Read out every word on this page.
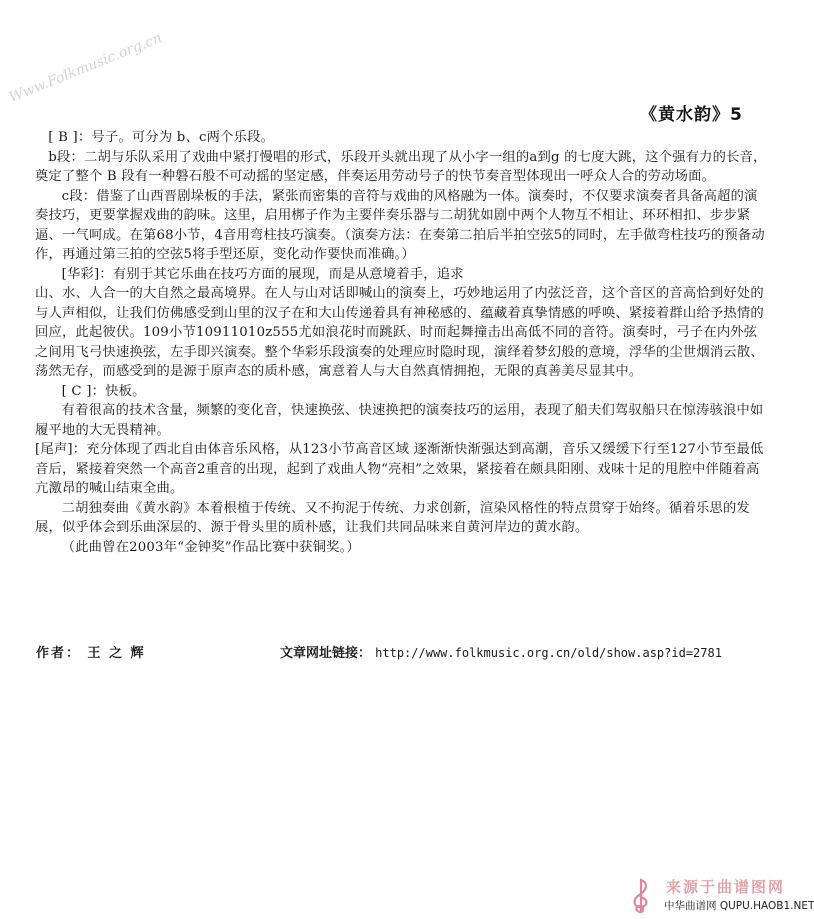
Www.Folkmusic.org.cn
《黄水韵》5

[ B ]：号子。可分为 b、c两个乐段。

b段：二胡与乐队采用了戏曲中紧打慢唱的形式，乐段开头就出现了从小字一组的a到g 的七度大跳，这个强有力的长音，奠定了整个 B 段有一种磐石般不可动摇的坚定感，伴奏运用劳动号子的快节奏音型体现出一呼众人合的劳动场面。

c段：借鉴了山西晋剧垛板的手法，紧张而密集的音符与戏曲的风格融为一体。演奏时，不仅要求演奏者具备高超的演奏技巧，更要掌握戏曲的韵味。这里，启用梆子作为主要伴奏乐器与二胡犹如剧中两个人物互不相让、环环相扣、步步紧逼、一气呵成。在第68小节，4音用弯柱技巧演奏。（演奏方法：在奏第二拍后半拍空弦5的同时，左手做弯柱技巧的预备动作，再通过第三拍的空弦5将手型还原，变化动作要快而准确。）

[华彩]：有别于其它乐曲在技巧方面的展现，而是从意境着手，追求

山、水、人合一的大自然之最高境界。在人与山对话即喊山的演奏上，巧妙地运用了内弦泛音，这个音区的音高恰到好处的与人声相似，让我们仿佛感受到山里的汉子在和大山传递着具有神秘感的、蕴藏着真挚情感的呼唤、紧接着群山给予热情的回应，此起彼伏。109小节10911010z555尤如浪花时而跳跃、时而起舞撞击出高低不同的音符。演奏时，弓子在内外弦之间用飞弓快速换弦，左手即兴演奏。整个华彩乐段演奏的处理应时隐时现，演绎着梦幻般的意境，浮华的尘世烟消云散、荡然无存，而感受到的是源于原声态的质朴感，寓意着人与大自然真情拥抱，无限的真善美尽显其中。

[ C ]：快板。

有着很高的技术含量，频繁的变化音，快速换弦、快速换把的演奏技巧的运用，表现了船夫们驾驭船只在惊涛骇浪中如履平地的大无畏精神。

[尾声]：充分体现了西北自由体音乐风格，从123小节高音区域 逐渐渐快渐强达到高潮，音乐又缓缓下行至127小节至最低音后，紧接着突然一个高音2重音的出现，起到了戏曲人物“亮相”之效果，紧接着在颇具阳刚、戏味十足的甩腔中伴随着高亢激昂的喊山结束全曲。

二胡独奏曲《黄水韵》本着根植于传统、又不拘泥于传统、力求创新，渲染风格性的特点贯穿于始终。循着乐思的发展，似乎体会到乐曲深层的、源于骨头里的质朴感，让我们共同品味来自黄河岸边的黄水韵。

（此曲曾在2003年“金钟奖”作品比赛中获铜奖。）

作者： 王 之 辉	文章网址链接： http://www.folkmusic.org.cn/old/show.asp?id=2781
来源于曲谱图网
中华曲谱网 QUPU.HAOB1.NET
